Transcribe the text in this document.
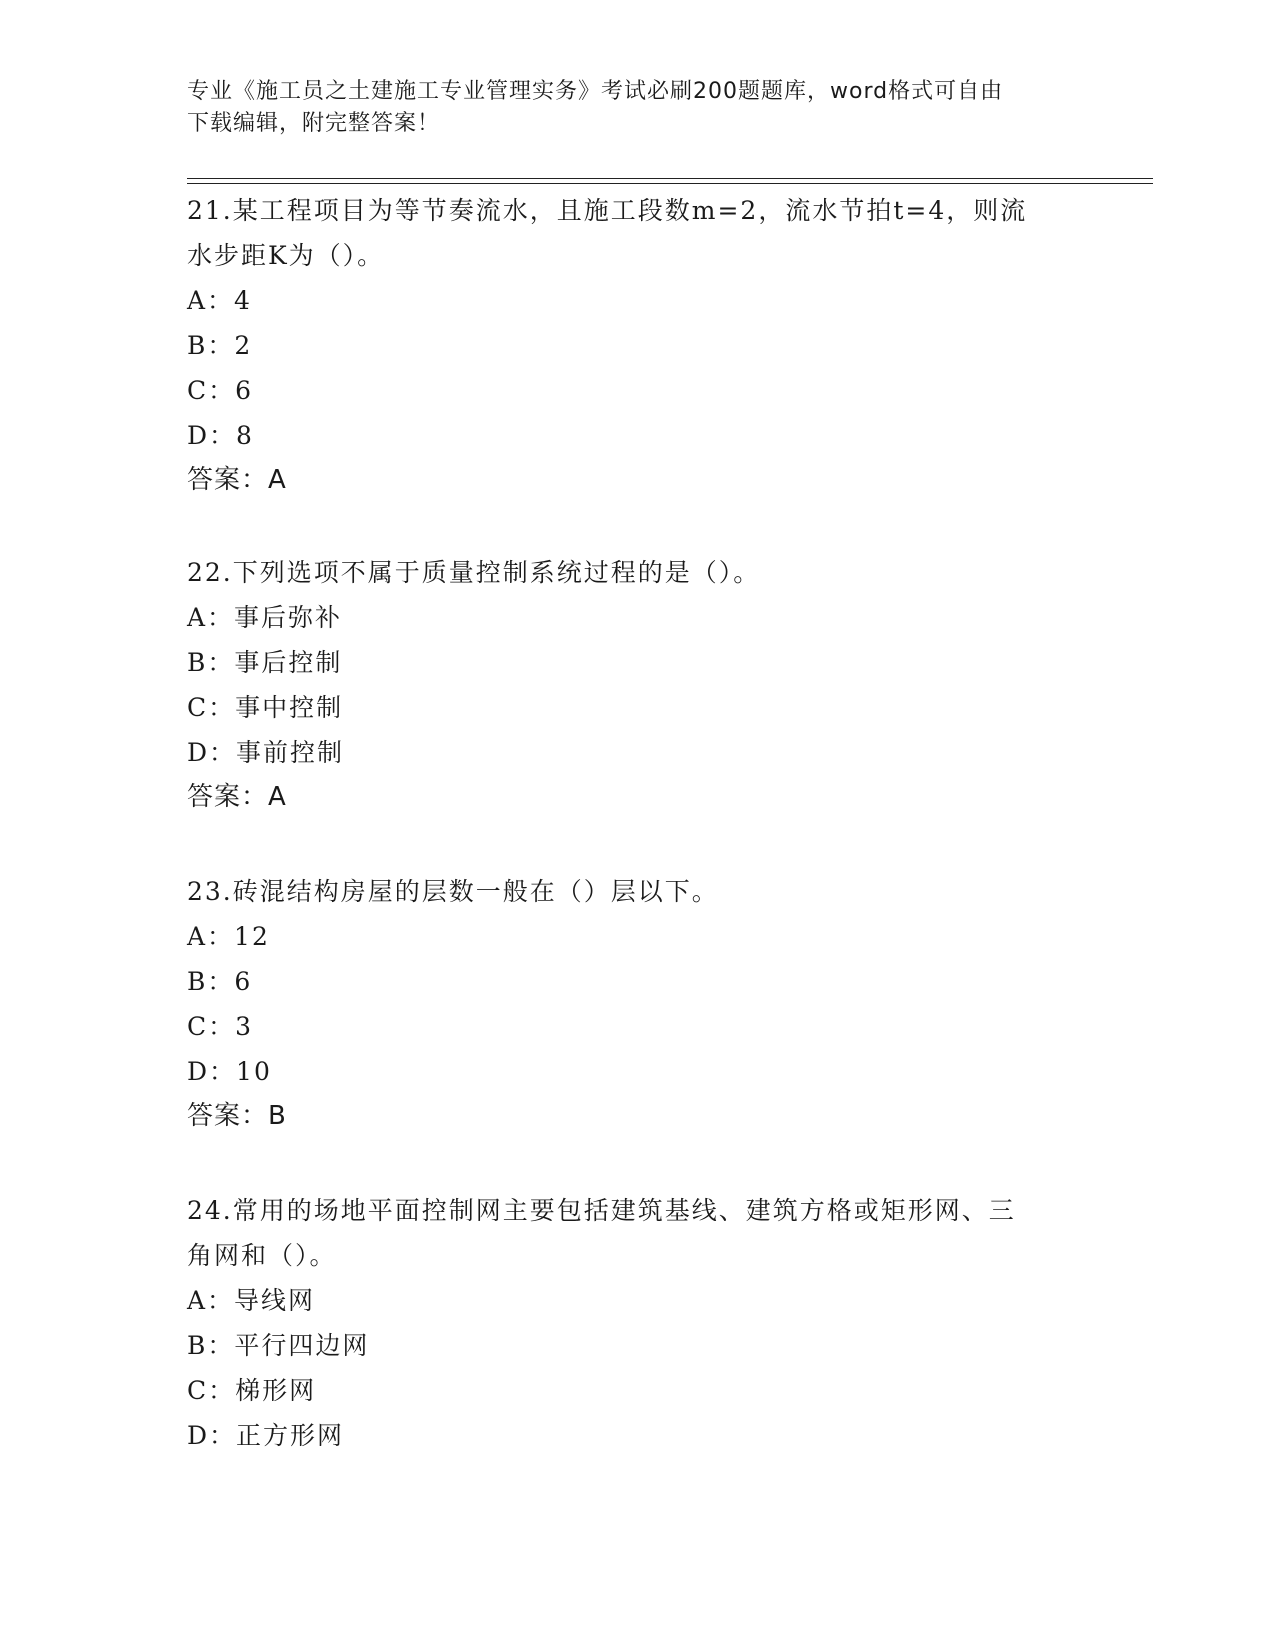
专业《施工员之土建施工专业管理实务》考试必刷200题题库，word格式可自由
下载编辑，附完整答案！
21.某工程项目为等节奏流水，且施工段数m=2，流水节拍t=4，则流
水步距K为（）。
A：4
B：2
C：6
D：8
答案：A
22.下列选项不属于质量控制系统过程的是（）。
A：事后弥补
B：事后控制
C：事中控制
D：事前控制
答案：A
23.砖混结构房屋的层数一般在（）层以下。
A：12
B：6
C：3
D：10
答案：B
24.常用的场地平面控制网主要包括建筑基线、建筑方格或矩形网、三
角网和（）。
A：导线网
B：平行四边网
C：梯形网
D：正方形网
